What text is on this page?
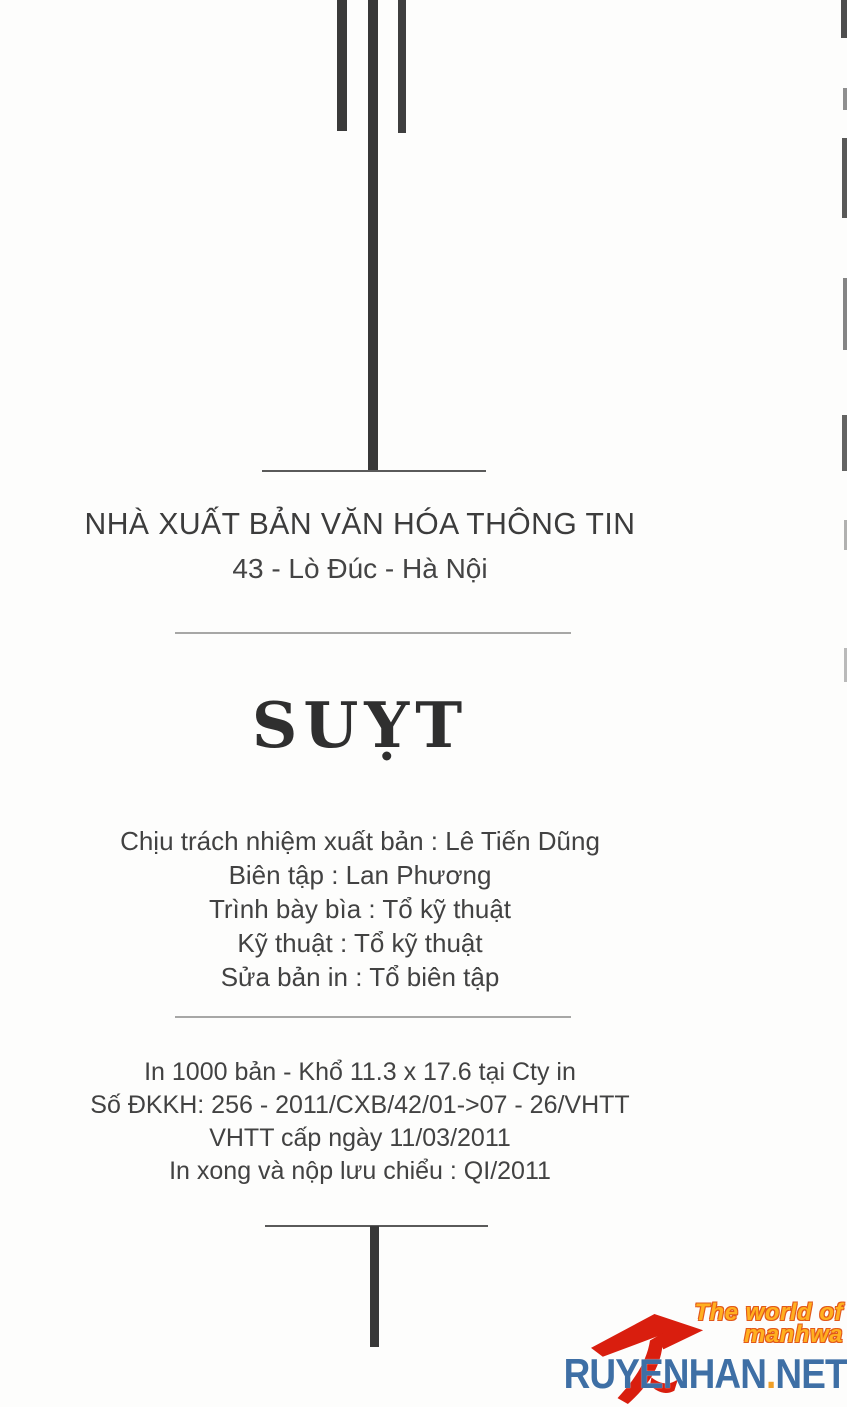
NHÀ XUẤT BẢN VĂN HÓA THÔNG TIN
43 - Lò Đúc - Hà Nội
SUỴT
Chịu trách nhiệm xuất bản : Lê Tiến Dũng
Biên tập : Lan Phương
Trình bày bìa : Tổ kỹ thuật
Kỹ thuật : Tổ kỹ thuật
Sửa bản in : Tổ biên tập
In 1000 bản - Khổ 11.3 x 17.6 tại Cty in
Số ĐKKH: 256 - 2011/CXB/42/01->07 - 26/VHTT
VHTT cấp ngày 11/03/2011
In xong và nộp lưu chiểu : QI/2011
The world of
manhwa
RUYENHAN.NET
